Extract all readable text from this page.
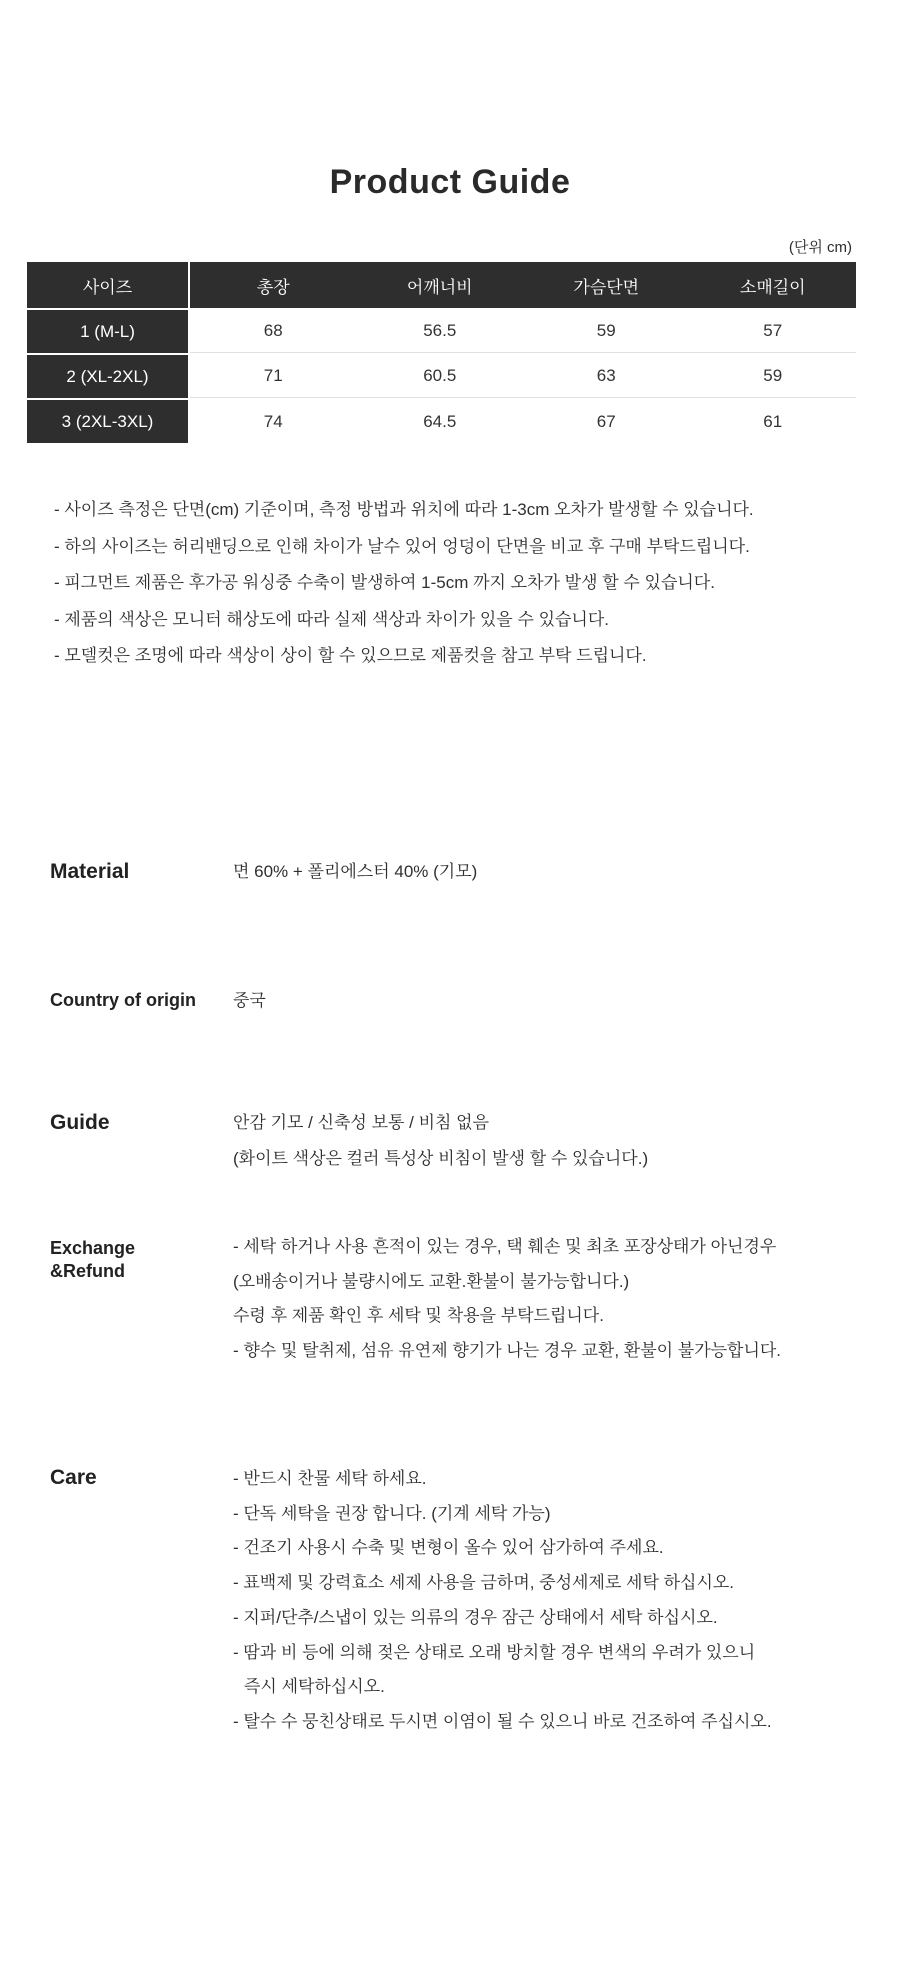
Product Guide
(단위 cm)
사이즈	총장	어깨너비	가슴단면	소매길이
1 (M-L)	68	56.5	59	57
2 (XL-2XL)	71	60.5	63	59
3 (2XL-3XL)	74	64.5	67	61

- 사이즈 측정은 단면(cm) 기준이며, 측정 방법과 위치에 따라 1-3cm 오차가 발생할 수 있습니다.

- 하의 사이즈는 허리밴딩으로 인해 차이가 날수 있어 엉덩이 단면을 비교 후 구매 부탁드립니다.

- 피그먼트 제품은 후가공 워싱중 수축이 발생하여 1-5cm 까지 오차가 발생 할 수 있습니다.

- 제품의 색상은 모니터 해상도에 따라 실제 색상과 차이가 있을 수 있습니다.

- 모델컷은 조명에 따라 색상이 상이 할 수 있으므로 제품컷을 참고 부탁 드립니다.

Material	면 60% + 폴리에스터 40% (기모)
Country of origin 중국
Guide	안감 기모 / 신축성 보통 / 비침 없음

(화이트 색상은 컬러 특성상 비침이 발생 할 수 있습니다.)

Exchange
&Refund

- 세탁 하거나 사용 흔적이 있는 경우, 택 훼손 및 최초 포장상태가 아닌경우

(오배송이거나 불량시에도 교환.환불이 불가능합니다.)

수령 후 제품 확인 후 세탁 및 착용을 부탁드립니다.

- 향수 및 탈취제, 섬유 유연제 향기가 나는 경우 교환, 환불이 불가능합니다.

Care	- 반드시 찬물 세탁 하세요.

- 단독 세탁을 권장 합니다. (기계 세탁 가능)

- 건조기 사용시 수축 및 변형이 올수 있어 삼가하여 주세요.

- 표백제 및 강력효소 세제 사용을 금하며, 중성세제로 세탁 하십시오.

- 지퍼/단추/스냅이 있는 의류의 경우 잠근 상태에서 세탁 하십시오.

- 땀과 비 등에 의해 젖은 상태로 오래 방치할 경우 변색의 우려가 있으니

즉시 세탁하십시오.

- 탈수 수 뭉친상태로 두시면 이염이 될 수 있으니 바로 건조하여 주십시오.
